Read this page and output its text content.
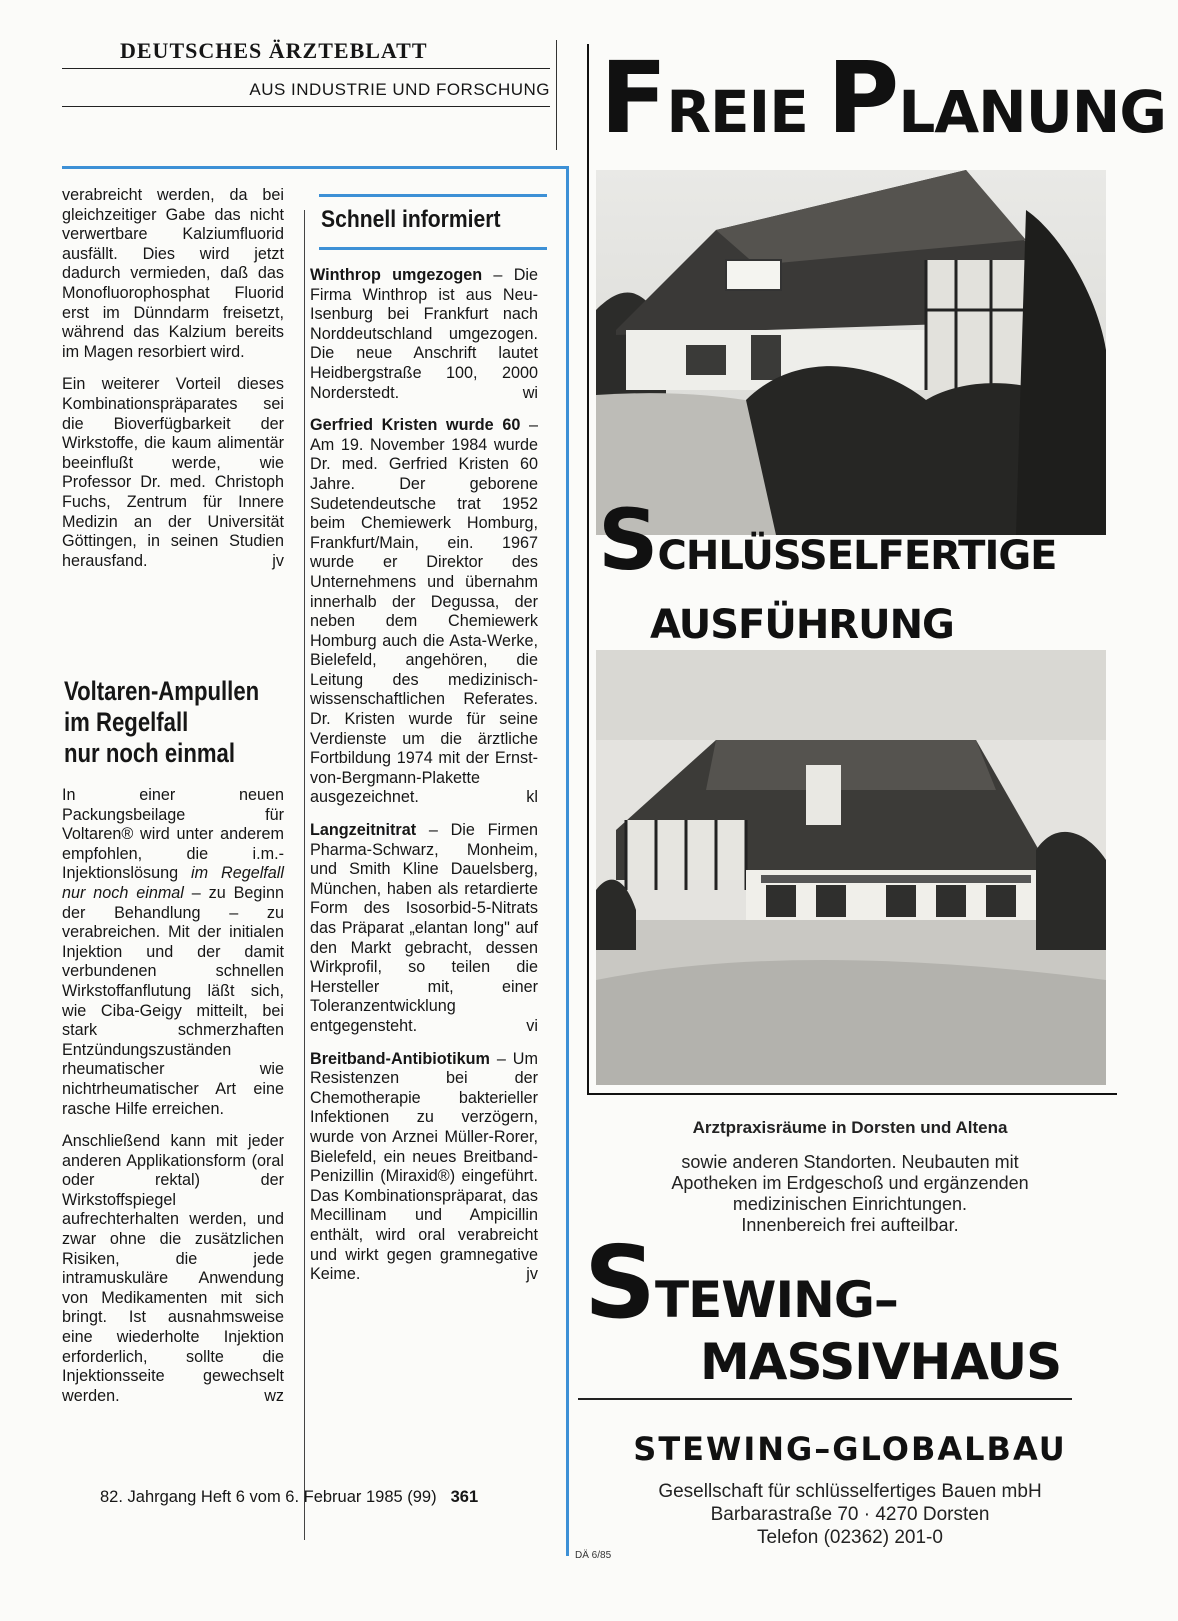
DEUTSCHES ÄRZTEBLATT
AUS INDUSTRIE UND FORSCHUNG

verabreicht werden, da bei gleichzeitiger Gabe das nicht verwertbare Kalziumfluorid ausfällt. Dies wird jetzt dadurch vermieden, daß das Monofluorophosphat Fluorid erst im Dünndarm freisetzt, während das Kalzium bereits im Magen resorbiert wird.

Ein weiterer Vorteil dieses Kombinationspräparates sei die Bioverfügbarkeit der Wirkstoffe, die kaum alimentär beeinflußt werde, wie Professor Dr. med. Christoph Fuchs, Zentrum für Innere Medizin an der Universität Göttingen, in seinen Studien herausfand.	jv

Voltaren-Ampullen
im Regelfall
nur noch einmal

In einer neuen Packungsbeilage für Voltaren® wird unter anderem empfohlen, die i.m.-Injektionslösung im Regelfall nur noch einmal – zu Beginn der Behandlung – zu verabreichen. Mit der initialen Injektion und der damit verbundenen schnellen Wirkstoffanflutung läßt sich, wie Ciba-Geigy mitteilt, bei stark schmerzhaften Entzündungszuständen rheumatischer wie nichtrheumatischer Art eine rasche Hilfe erreichen.

Anschließend kann mit jeder anderen Applikationsform (oral oder rektal) der Wirkstoffspiegel aufrechterhalten werden, und zwar ohne die zusätzlichen Risiken, die jede intramuskuläre Anwendung von Medikamenten mit sich bringt. Ist ausnahmsweise eine wiederholte Injektion erforderlich, sollte die Injektionsseite gewechselt werden.	wz

Schnell informiert

Winthrop umgezogen – Die Firma Winthrop ist aus Neu-Isenburg bei Frankfurt nach Norddeutschland umgezogen. Die neue Anschrift lautet Heidbergstraße 100, 2000 Norderstedt.	wi

Gerfried Kristen wurde 60 – Am 19. November 1984 wurde Dr. med. Gerfried Kristen 60 Jahre. Der geborene Sudetendeutsche trat 1952 beim Chemiewerk Homburg, Frankfurt/Main, ein. 1967 wurde er Direktor des Unternehmens und übernahm innerhalb der Degussa, der neben dem Chemiewerk Homburg auch die Asta-Werke, Bielefeld, angehören, die Leitung des medizinisch-wissenschaftlichen Referates. Dr. Kristen wurde für seine Verdienste um die ärztliche Fortbildung 1974 mit der Ernst-von-Bergmann-Plakette ausgezeichnet.	kl

Langzeitnitrat – Die Firmen Pharma-Schwarz, Monheim, und Smith Kline Dauelsberg, München, haben als retardierte Form des Isosorbid-5-Nitrats das Präparat „elantan long" auf den Markt gebracht, dessen Wirkprofil, so teilen die Hersteller mit, einer Toleranzentwicklung entgegensteht.	vi

Breitband-Antibiotikum – Um Resistenzen bei der Chemotherapie bakterieller Infektionen zu verzögern, wurde von Arznei Müller-Rorer, Bielefeld, ein neues Breitband-Penizillin (Miraxid®) eingeführt. Das Kombinationspräparat, das Mecillinam und Ampicillin enthält, wird oral verabreicht und wirkt gegen gramnegative Keime.	jv

82. Jahrgang Heft 6 vom 6. Februar 1985 (99) 361
FREIE PLANUNG
SCHLÜSSELFERTIGE
AUSFÜHRUNG
Arztpraxisräume in Dorsten und Altena
sowie anderen Standorten. Neubauten mit
Apotheken im Erdgeschoß und ergänzenden
medizinischen Einrichtungen.
Innenbereich frei aufteilbar.
STEWING–
MASSIVHAUS
STEWING–GLOBALBAU
Gesellschaft für schlüsselfertiges Bauen mbH
Barbarastraße 70 · 4270 Dorsten
Telefon (02362) 201-0
DÄ 6/85
